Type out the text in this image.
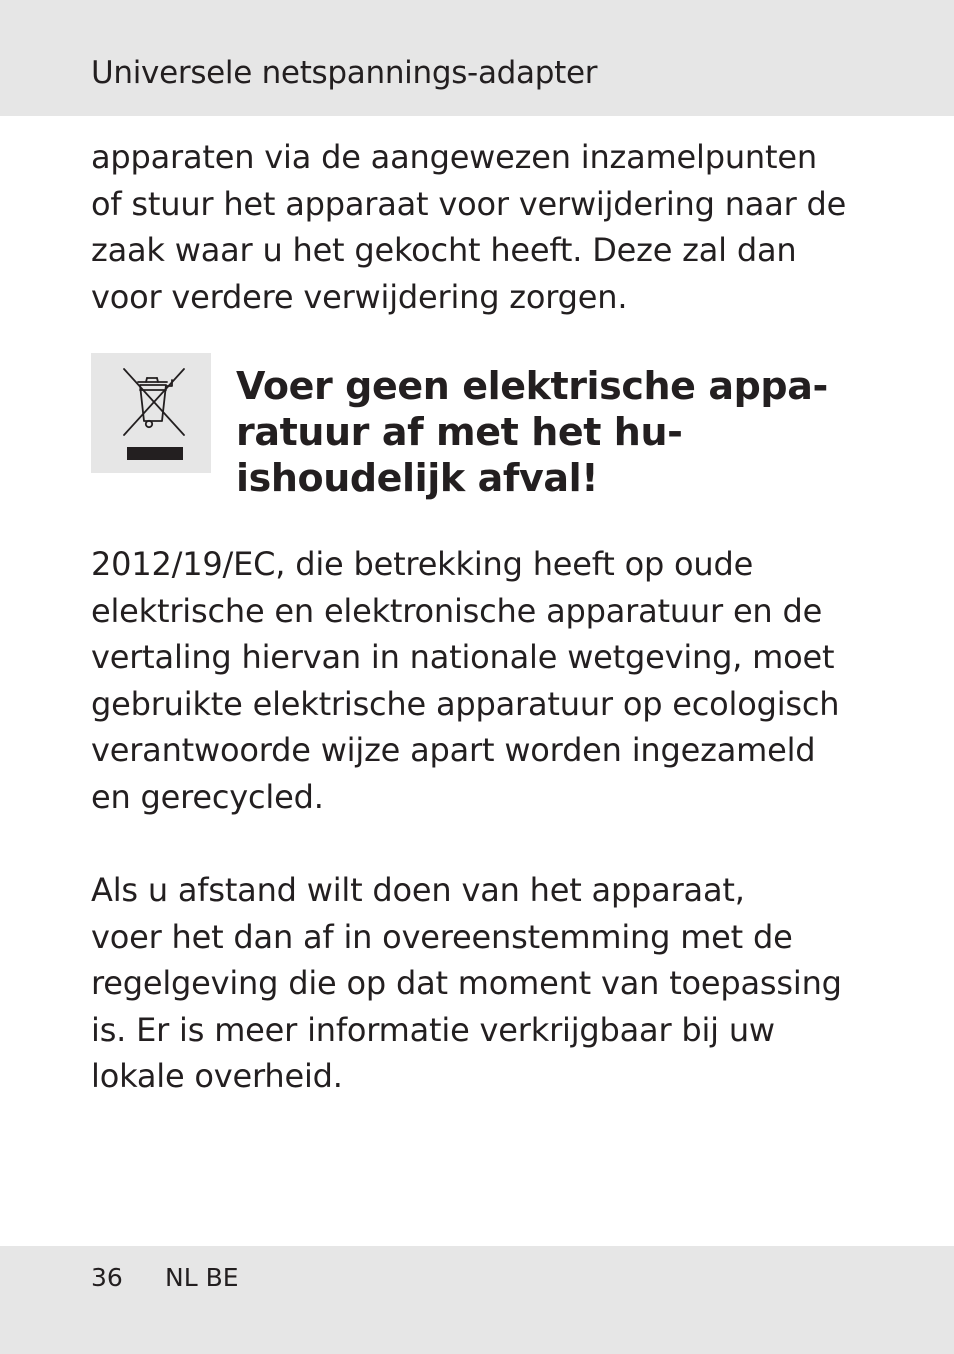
Universele netspannings-adapter
apparaten via de aangewezen inzamelpunten
of stuur het apparaat voor verwijdering naar de
zaak waar u het gekocht heeft. Deze zal dan
voor verdere verwijdering zorgen.
Voer geen elektrische appa-
ratuur af met het hu-
ishoudelijk afval!
2012/19/EC, die betrekking heeft op oude
elektrische en elektronische apparatuur en de
vertaling hiervan in nationale wetgeving, moet
gebruikte elektrische apparatuur op ecologisch
verantwoorde wijze apart worden ingezameld
en gerecycled.
Als u afstand wilt doen van het apparaat,
voer het dan af in overeenstemming met de
regelgeving die op dat moment van toepassing
is. Er is meer informatie verkrijgbaar bij uw
lokale overheid.
36 NL BE
